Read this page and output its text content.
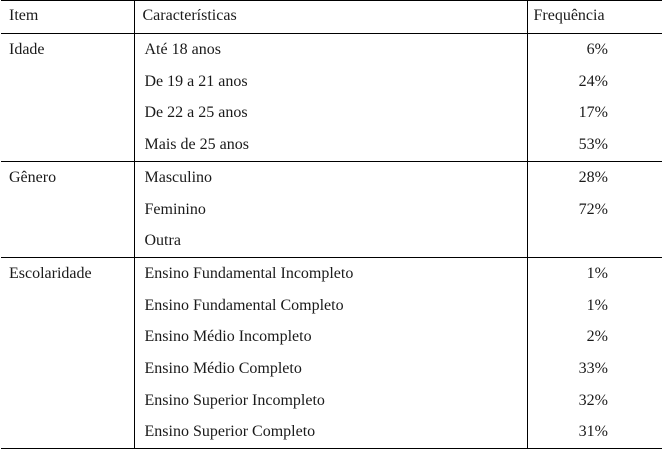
Item	Características	Frequência
Idade	Até 18 anos	6%
	De 19 a 21 anos	24%
	De 22 a 25 anos	17%
	Mais de 25 anos	53%
Gênero	Masculino	28%
	Feminino	72%
	Outra	
Escolaridade	Ensino Fundamental Incompleto	1%
	Ensino Fundamental Completo	1%
	Ensino Médio Incompleto	2%
	Ensino Médio Completo	33%
	Ensino Superior Incompleto	32%
	Ensino Superior Completo	31%
